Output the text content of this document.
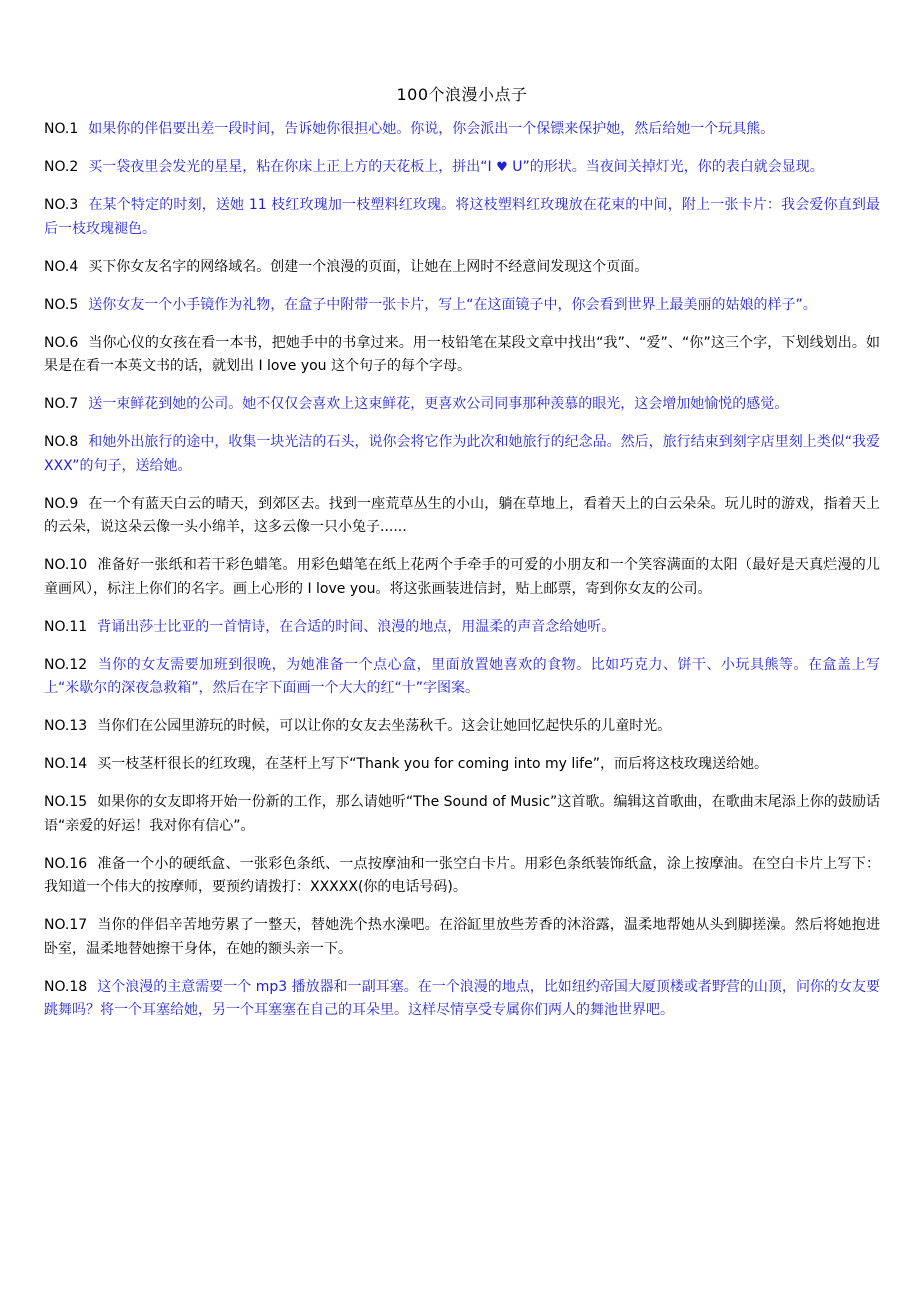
100个浪漫小点子
NO.1 如果你的伴侣要出差一段时间，告诉她你很担心她。你说，你会派出一个保镖来保护她，然后给她一个玩具熊。
NO.2 买一袋夜里会发光的星星，粘在你床上正上方的天花板上，拼出“I ♥ U”的形状。当夜间关掉灯光，你的表白就会显现。
NO.3 在某个特定的时刻，送她 11 枝红玫瑰加一枝塑料红玫瑰。将这枝塑料红玫瑰放在花束的中间，附上一张卡片：我会爱你直到最后一枝玫瑰褪色。
NO.4 买下你女友名字的网络域名。创建一个浪漫的页面，让她在上网时不经意间发现这个页面。
NO.5 送你女友一个小手镜作为礼物，在盒子中附带一张卡片，写上“在这面镜子中，你会看到世界上最美丽的姑娘的样子”。
NO.6 当你心仪的女孩在看一本书，把她手中的书拿过来。用一枝铅笔在某段文章中找出“我”、“爱”、“你”这三个字，下划线划出。如果是在看一本英文书的话，就划出 I love you 这个句子的每个字母。
NO.7 送一束鲜花到她的公司。她不仅仅会喜欢上这束鲜花，更喜欢公司同事那种羡慕的眼光，这会增加她愉悦的感觉。
NO.8 和她外出旅行的途中，收集一块光洁的石头，说你会将它作为此次和她旅行的纪念品。然后，旅行结束到刻字店里刻上类似“我爱 XXX”的句子，送给她。
NO.9 在一个有蓝天白云的晴天，到郊区去。找到一座荒草丛生的小山，躺在草地上，看着天上的白云朵朵。玩儿时的游戏，指着天上的云朵，说这朵云像一头小绵羊，这多云像一只小兔子......
NO.10 准备好一张纸和若干彩色蜡笔。用彩色蜡笔在纸上花两个手牵手的可爱的小朋友和一个笑容满面的太阳（最好是天真烂漫的儿童画风），标注上你们的名字。画上心形的 I love you。将这张画装进信封，贴上邮票，寄到你女友的公司。
NO.11 背诵出莎士比亚的一首情诗，在合适的时间、浪漫的地点，用温柔的声音念给她听。
NO.12 当你的女友需要加班到很晚，为她准备一个点心盒，里面放置她喜欢的食物。比如巧克力、饼干、小玩具熊等。在盒盖上写上“米歇尔的深夜急救箱”，然后在字下面画一个大大的红“十”字图案。
NO.13 当你们在公园里游玩的时候，可以让你的女友去坐荡秋千。这会让她回忆起快乐的儿童时光。
NO.14 买一枝茎杆很长的红玫瑰，在茎杆上写下“Thank you for coming into my life”，而后将这枝玫瑰送给她。
NO.15 如果你的女友即将开始一份新的工作，那么请她听“The Sound of Music”这首歌。编辑这首歌曲，在歌曲末尾添上你的鼓励话语“亲爱的好运！我对你有信心”。
NO.16 准备一个小的硬纸盒、一张彩色条纸、一点按摩油和一张空白卡片。用彩色条纸装饰纸盒，涂上按摩油。在空白卡片上写下：我知道一个伟大的按摩师，要预约请拨打：XXXXX(你的电话号码)。
NO.17 当你的伴侣辛苦地劳累了一整天，替她洗个热水澡吧。在浴缸里放些芳香的沐浴露，温柔地帮她从头到脚搓澡。然后将她抱进卧室，温柔地替她擦干身体，在她的额头亲一下。
NO.18 这个浪漫的主意需要一个 mp3 播放器和一副耳塞。在一个浪漫的地点，比如纽约帝国大厦顶楼或者野营的山顶，问你的女友要跳舞吗？将一个耳塞给她，另一个耳塞塞在自己的耳朵里。这样尽情享受专属你们两人的舞池世界吧。
